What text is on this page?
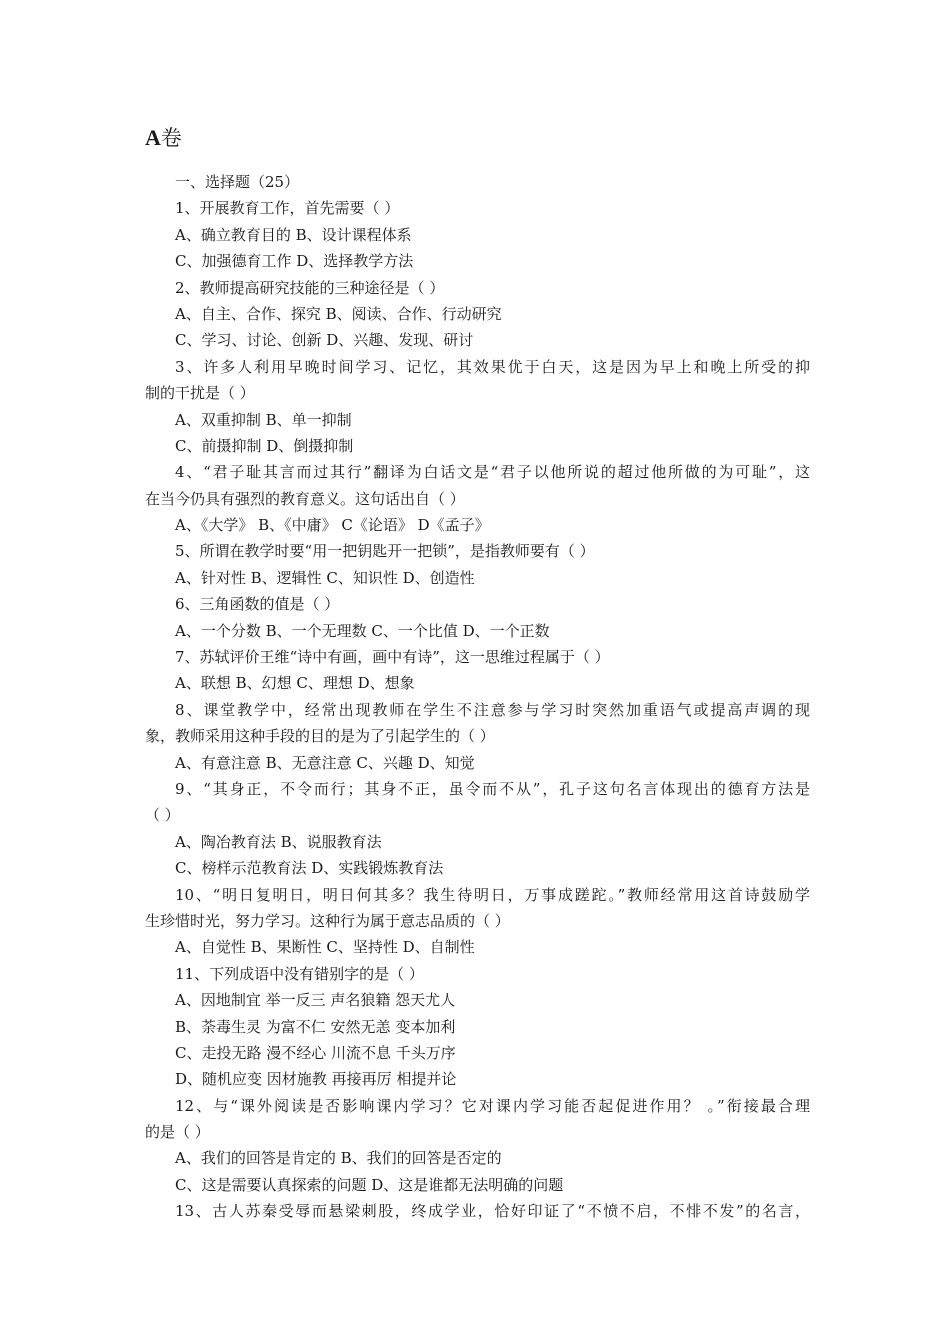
A卷
一、选择题（25）
1、开展教育工作，首先需要（ ）
A、确立教育目的 B、设计课程体系
C、加强德育工作 D、选择教学方法
2、教师提高研究技能的三种途径是（ ）
A、自主、合作、探究 B、阅读、合作、行动研究
C、学习、讨论、创新 D、兴趣、发现、研讨
3、许多人利用早晚时间学习、记忆，其效果优于白天，这是因为早上和晚上所受的抑
制的干扰是（ ）
A、双重抑制 B、单一抑制
C、前摄抑制 D、倒摄抑制
4、“君子耻其言而过其行”翻译为白话文是“君子以他所说的超过他所做的为可耻”，这
在当今仍具有强烈的教育意义。这句话出自（ ）
A、《大学》 B、《中庸》 C《论语》 D《孟子》
5、所谓在教学时要“用一把钥匙开一把锁”，是指教师要有（ ）
A、针对性 B、逻辑性 C、知识性 D、创造性
6、三角函数的值是（ ）
A、一个分数 B、一个无理数 C、一个比值 D、一个正数
7、苏轼评价王维“诗中有画，画中有诗”，这一思维过程属于（ ）
A、联想 B、幻想 C、理想 D、想象
8、课堂教学中，经常出现教师在学生不注意参与学习时突然加重语气或提高声调的现
象，教师采用这种手段的目的是为了引起学生的（ ）
A、有意注意 B、无意注意 C、兴趣 D、知觉
9、“其身正，不令而行；其身不正，虽令而不从”，孔子这句名言体现出的德育方法是
（ ）
A、陶冶教育法 B、说服教育法
C、榜样示范教育法 D、实践锻炼教育法
10、“明日复明日，明日何其多？我生待明日，万事成蹉跎。”教师经常用这首诗鼓励学
生珍惜时光，努力学习。这种行为属于意志品质的（ ）
A、自觉性 B、果断性 C、坚持性 D、自制性
11、下列成语中没有错别字的是（ ）
A、因地制宜 举一反三 声名狼籍 怨天尤人
B、荼毒生灵 为富不仁 安然无恙 变本加利
C、走投无路 漫不经心 川流不息 千头万序
D、随机应变 因材施教 再接再厉 相提并论
12、与“课外阅读是否影响课内学习？它对课内学习能否起促进作用？ 。”衔接最合理
的是（ ）
A、我们的回答是肯定的 B、我们的回答是否定的
C、这是需要认真探索的问题 D、这是谁都无法明确的问题
13、古人苏秦受辱而悬梁刺股，终成学业，恰好印证了“不愤不启，不悱不发”的名言，
